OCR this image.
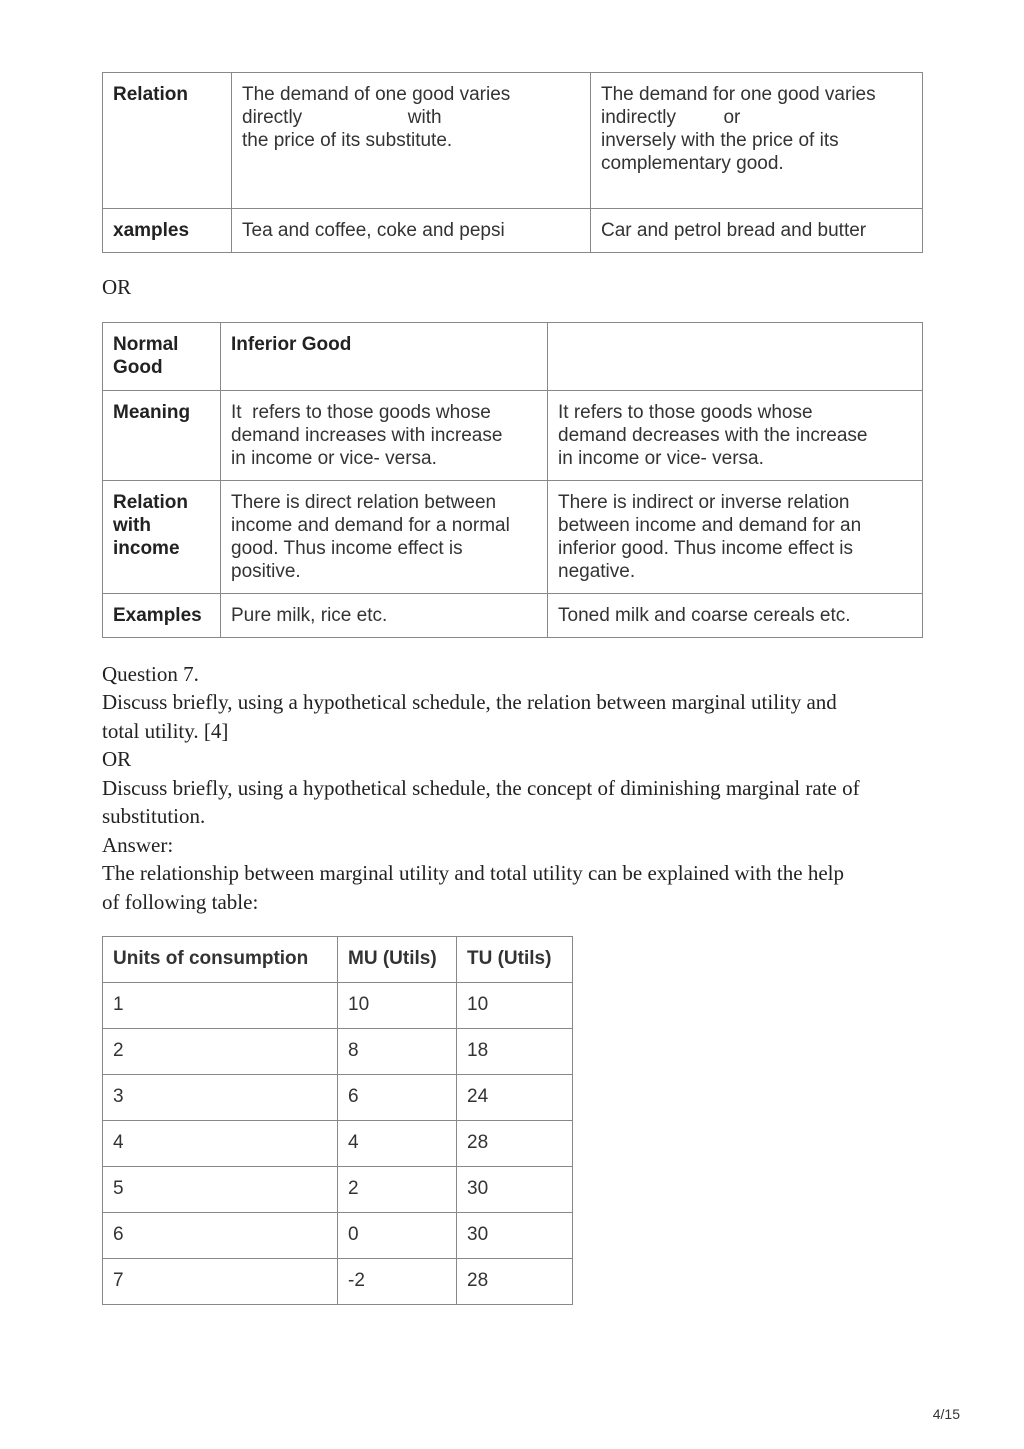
Relation	The demand of one good varies
directly                    with
the price of its substitute.	The demand for one good varies
indirectly         or
inversely with the price of its
complementary good.
xamples	Tea and coffee, coke and pepsi	Car and petrol bread and butter
OR
Normal
Good	Inferior Good	
Meaning	It  refers to those goods whose
demand increases with increase
in income or vice- versa.	It refers to those goods whose
demand decreases with the increase
in income or vice- versa.
Relation
with
income	There is direct relation between
income and demand for a normal
good. Thus income effect is
positive.	There is indirect or inverse relation
between income and demand for an
inferior good. Thus income effect is
negative.
Examples	Pure milk, rice etc.	Toned milk and coarse cereals etc.
Question 7.
Discuss briefly, using a hypothetical schedule, the relation between marginal utility and
total utility. [4]
OR
Discuss briefly, using a hypothetical schedule, the concept of diminishing marginal rate of
substitution.
Answer:
The relationship between marginal utility and total utility can be explained with the help
of following table:
Units of consumption	MU (Utils)	TU (Utils)
1	10	10
2	8	18
3	6	24
4	4	28
5	2	30
6	0	30
7	-2	28
4/15
